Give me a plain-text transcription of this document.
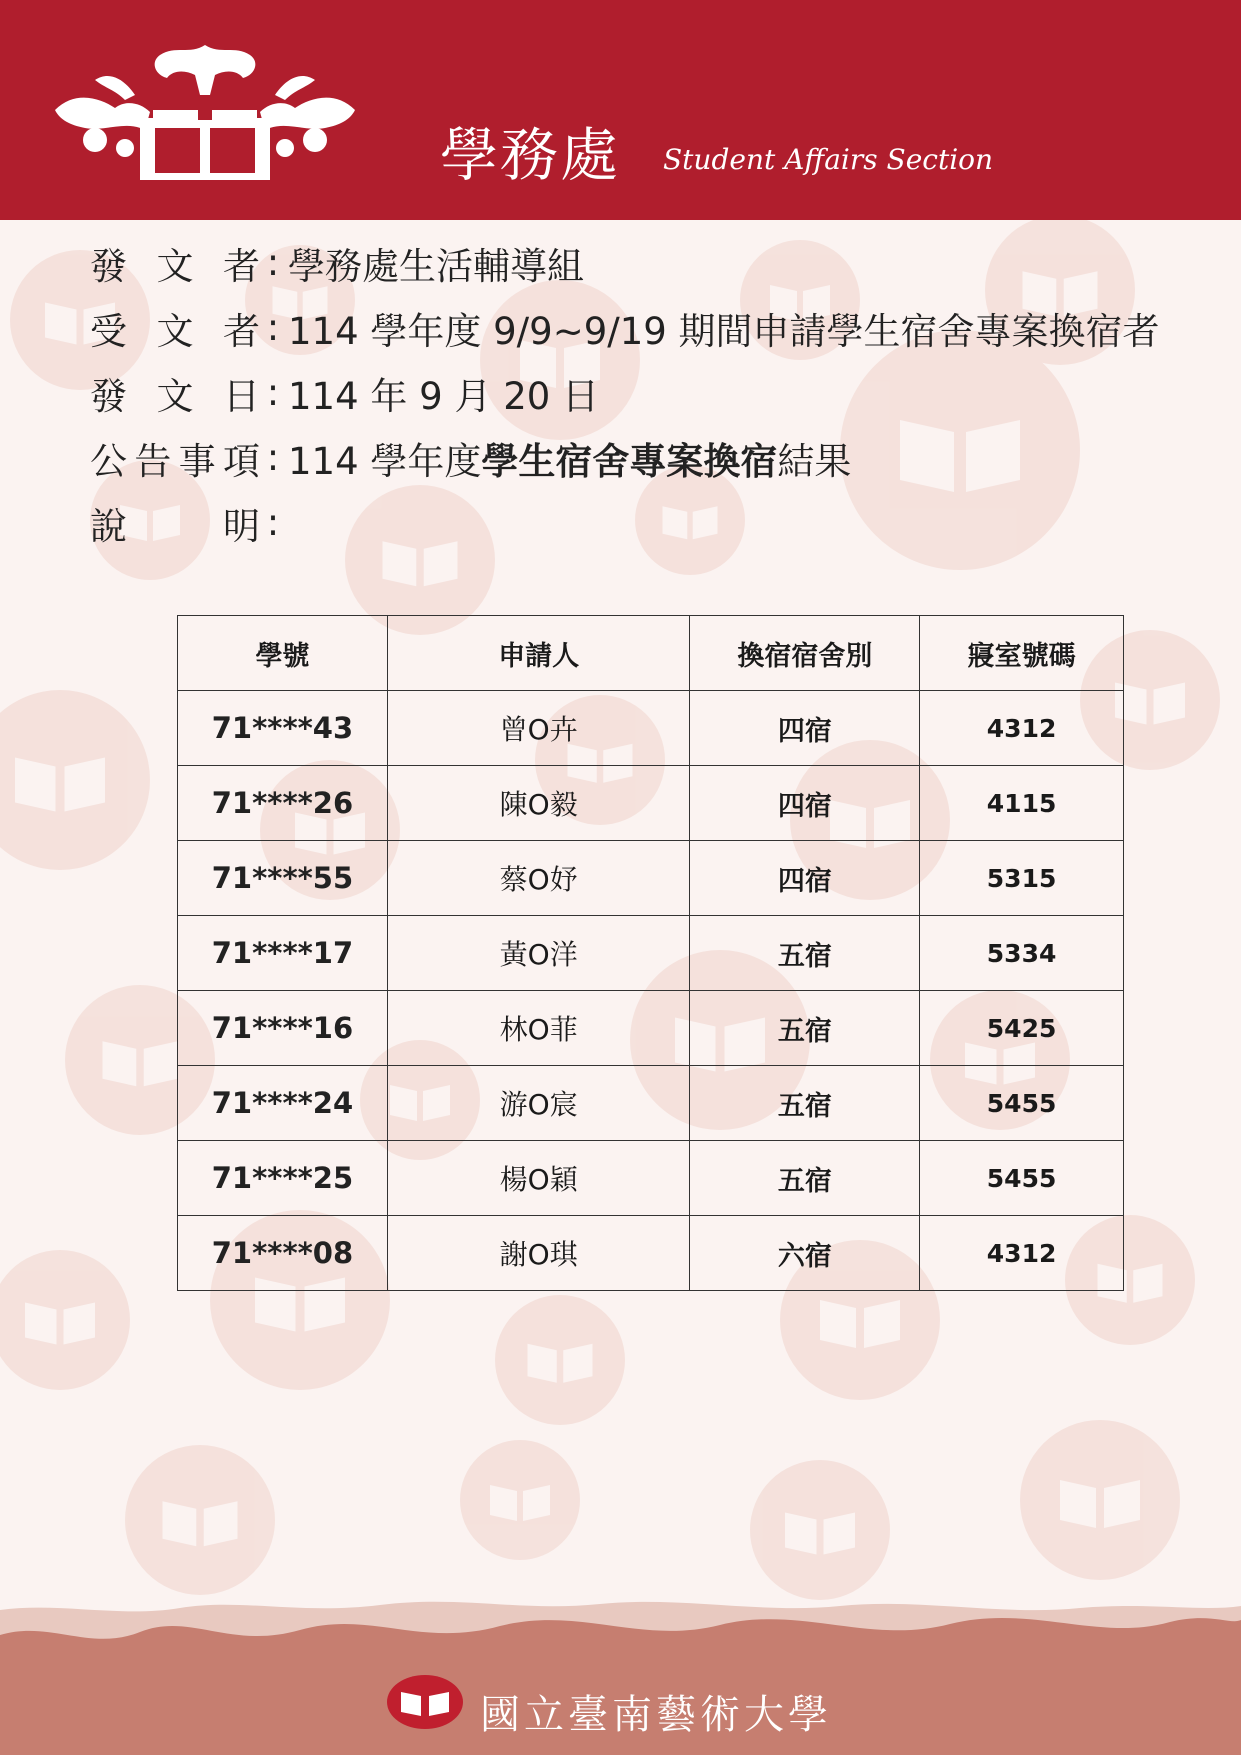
學務處 Student Affairs Section
發 文 者 : 學務處生活輔導組
受 文 者 : 114 學年度 9/9~9/19 期間申請學生宿舍專案換宿者
發 文 日 : 114 年 9 月 20 日
公 告 事 項 : 114 學年度學生宿舍專案換宿結果
說	明 :
學號	申請人	換宿宿舍別	寢室號碼
71****43	曾O卉	四宿	4312
71****26	陳O毅	四宿	4115
71****55	蔡O妤	四宿	5315
71****17	黃O洋	五宿	5334
71****16	林O菲	五宿	5425
71****24	游O宸	五宿	5455
71****25	楊O穎	五宿	5455
71****08	謝O琪	六宿	4312
國立臺南藝術大學
